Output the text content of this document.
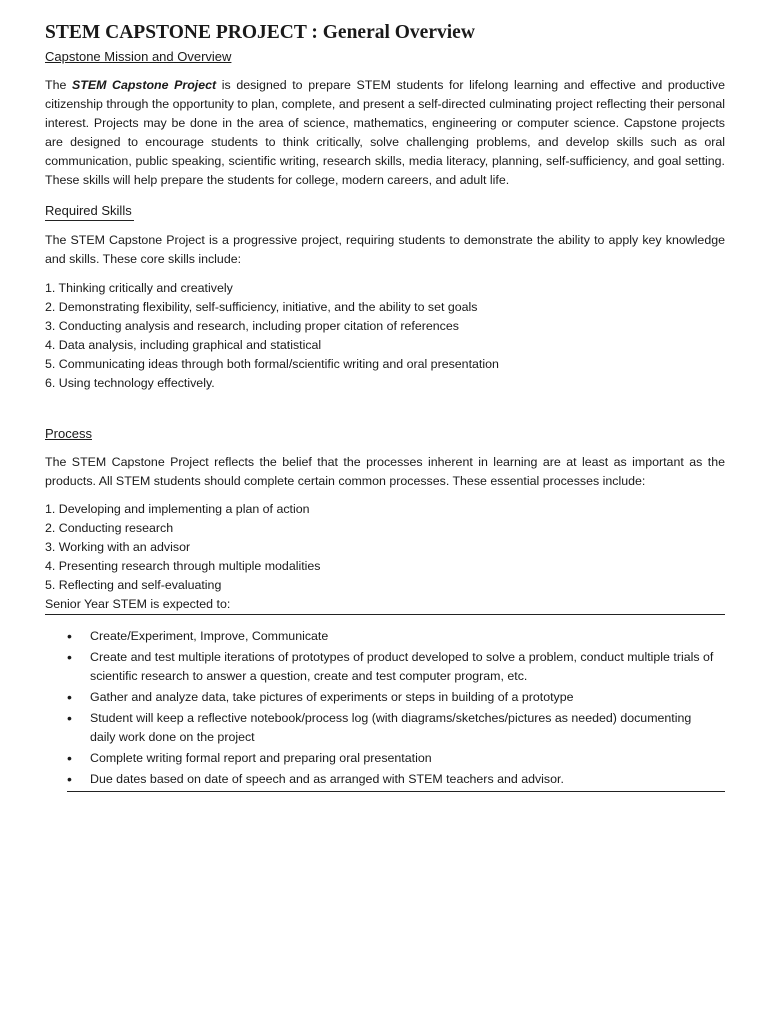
STEM CAPSTONE PROJECT : General Overview

Capstone Mission and Overview

The STEM Capstone Project is designed to prepare STEM students for lifelong learning and effective and productive citizenship through the opportunity to plan, complete, and present a self-directed culminating project reflecting their personal interest. Projects may be done in the area of science, mathematics, engineering or computer science. Capstone projects are designed to encourage students to think critically, solve challenging problems, and develop skills such as oral communication, public speaking, scientific writing, research skills, media literacy, planning, self-sufficiency, and goal setting. These skills will help prepare the students for college, modern careers, and adult life.

Required Skills

The STEM Capstone Project is a progressive project, requiring students to demonstrate the ability to apply key knowledge and skills. These core skills include:

1. Thinking critically and creatively
2. Demonstrating flexibility, self-sufficiency, initiative, and the ability to set goals
3. Conducting analysis and research, including proper citation of references
4. Data analysis, including graphical and statistical
5. Communicating ideas through both formal/scientific writing and oral presentation
6. Using technology effectively.

Process

The STEM Capstone Project reflects the belief that the processes inherent in learning are at least as important as the products. All STEM students should complete certain common processes. These essential processes include:

1. Developing and implementing a plan of action
2. Conducting research
3. Working with an advisor
4. Presenting research through multiple modalities
5. Reflecting and self-evaluating

Senior Year STEM is expected to:

• Create/Experiment, Improve, Communicate
• Create and test multiple iterations of prototypes of product developed to solve a problem, conduct multiple trials of scientific research to answer a question, create and test computer program, etc.
• Gather and analyze data, take pictures of experiments or steps in building of a prototype
• Student will keep a reflective notebook/process log (with diagrams/sketches/pictures as needed) documenting daily work done on the project
• Complete writing formal report and preparing oral presentation
• Due dates based on date of speech and as arranged with STEM teachers and advisor.
